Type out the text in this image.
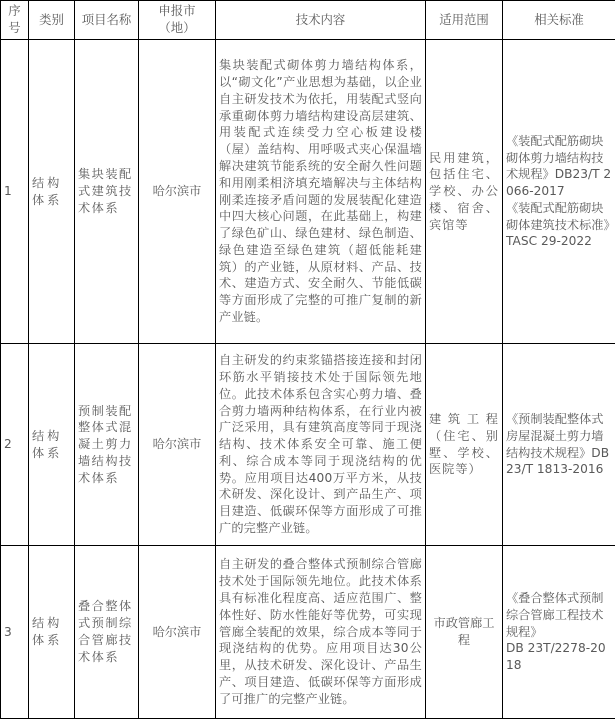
序号	类别	项目名称	申报市（地）	技术内容	适用范围	相关标准
1	结构体系	集块装配式建筑技术体系	哈尔滨市	集块装配式砌体剪力墙结构体系，以“砌文化”产业思想为基础，以企业自主研发技术为依托，用装配式竖向承重砌体剪力墙结构建设高层建筑、用装配式连续受力空心板建设楼（屋）盖结构、用呼吸式夹心保温墙解决建筑节能系统的安全耐久性问题和用刚柔相济填充墙解决与主体结构刚柔连接矛盾问题的发展装配化建造中四大核心问题，在此基础上，构建了绿色矿山、绿色建材、绿色制造、绿色建造至绿色建筑（超低能耗建筑）的产业链，从原材料、产品、技术、建造方式、安全耐久、节能低碳等方面形成了完整的可推广复制的新产业链。	民用建筑，包括住宅、学校、办公楼、宿舍、宾馆等	《装配式配筋砌块砌体剪力墙结构技术规程》DB23/T 2066-2017
《装配式配筋砌块砌体建筑技术标准》TASC 29-2022

2	结构体系	预制装配整体式混凝土剪力墙结构技术体系	哈尔滨市	自主研发的约束浆锚搭接连接和封闭环筋水平销接技术处于国际领先地位。此技术体系包含实心剪力墙、叠合剪力墙两种结构体系，在行业内被广泛采用，具有建筑高度等同于现浇结构、技术体系安全可靠、施工便利、综合成本等同于现浇结构的优势。应用项目达400万平方米，从技术研发、深化设计、到产品生产、项目建造、低碳环保等方面形成了可推广的完整产业链。	建筑工程（住宅、别墅、学校、医院等）	《预制装配整体式房屋混凝土剪力墙结构技术规程》DB23/T 1813-2016

3	结构体系	叠合整体式预制综合管廊技术体系	哈尔滨市	自主研发的叠合整体式预制综合管廊技术处于国际领先地位。此技术体系具有标准化程度高、适应范围广、整体性好、防水性能好等优势，可实现管廊全装配的效果，综合成本等同于现浇结构的优势。应用项目达30公里，从技术研发、深化设计、产品生产、项目建造、低碳环保等方面形成了可推广的完整产业链。	市政管廊工程	《叠合整体式预制综合管廊工程技术规程》
DB 23T/2278-2018
